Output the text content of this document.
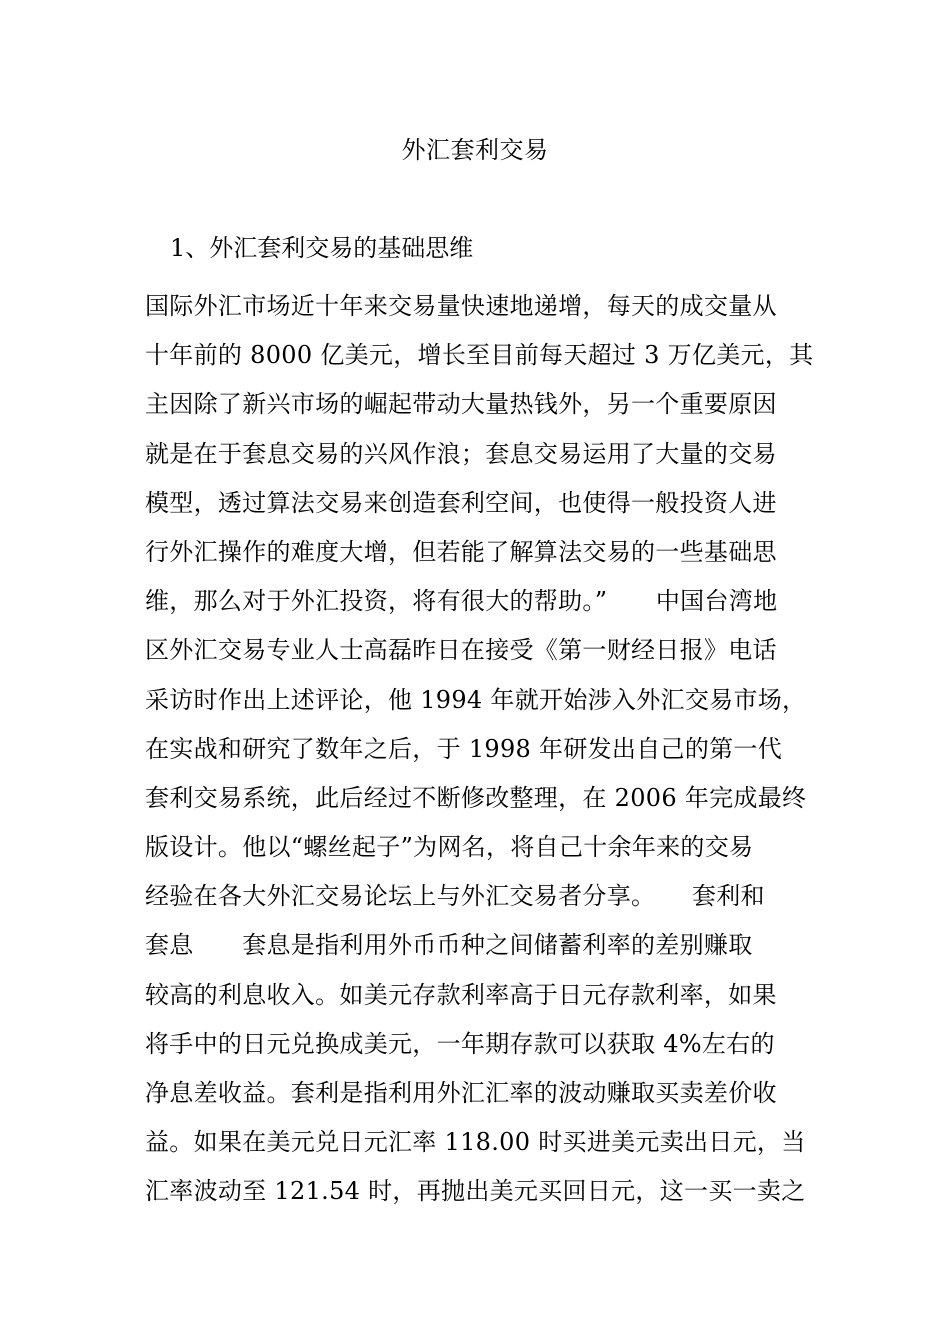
外汇套利交易
1、外汇套利交易的基础思维
国际外汇市场近十年来交易量快速地递增，每天的成交量从
十年前的 8000 亿美元，增长至目前每天超过 3 万亿美元，其
主因除了新兴市场的崛起带动大量热钱外，另一个重要原因
就是在于套息交易的兴风作浪；套息交易运用了大量的交易
模型，透过算法交易来创造套利空间，也使得一般投资人进
行外汇操作的难度大增，但若能了解算法交易的一些基础思
维，那么对于外汇投资，将有很大的帮助。”　　中国台湾地
区外汇交易专业人士高磊昨日在接受《第一财经日报》电话
采访时作出上述评论，他 1994 年就开始涉入外汇交易市场，
在实战和研究了数年之后，于 1998 年研发出自己的第一代
套利交易系统，此后经过不断修改整理，在 2006 年完成最终
版设计。他以“螺丝起子”为网名，将自己十余年来的交易
经验在各大外汇交易论坛上与外汇交易者分享。　　套利和
套息　　套息是指利用外币币种之间储蓄利率的差别赚取
较高的利息收入。如美元存款利率高于日元存款利率，如果
将手中的日元兑换成美元，一年期存款可以获取 4%左右的
净息差收益。套利是指利用外汇汇率的波动赚取买卖差价收
益。如果在美元兑日元汇率 118.00 时买进美元卖出日元，当
汇率波动至 121.54 时，再抛出美元买回日元，这一买一卖之
